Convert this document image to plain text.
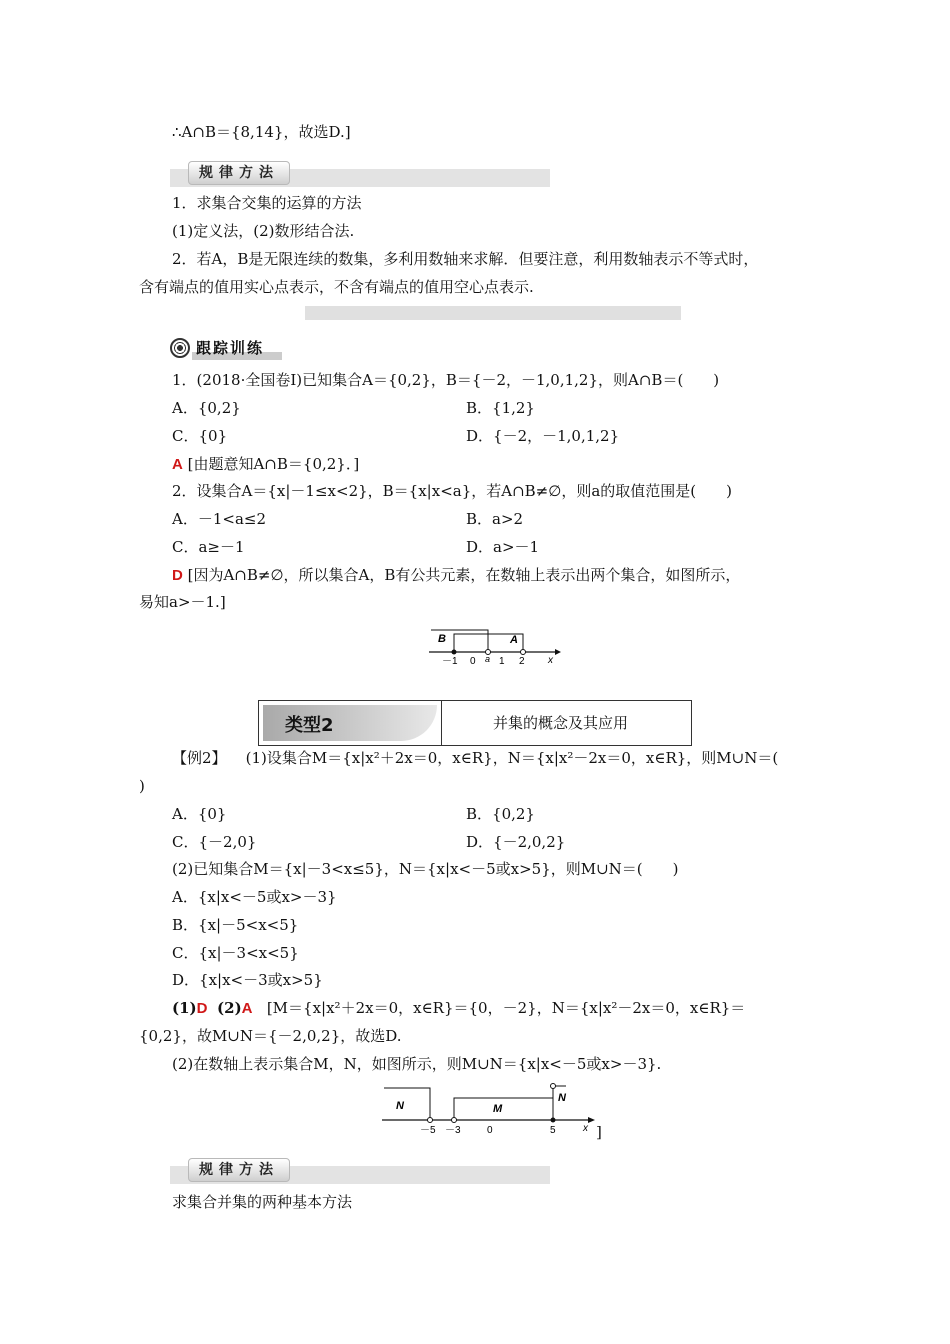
∴A∩B＝{8,14}，故选D.]
规律方法
1．求集合交集的运算的方法
(1)定义法，(2)数形结合法.
2．若A，B是无限连续的数集，多利用数轴来求解．但要注意，利用数轴表示不等式时，
含有端点的值用实心点表示，不含有端点的值用空心点表示.
跟踪训练
1．(2018·全国卷Ⅰ)已知集合A＝{0,2}，B＝{－2，－1,0,1,2}，则A∩B＝(　　)
A．{0,2}	B．{1,2}
C．{0}	D．{－2，－1,0,1,2}
A [由题意知A∩B＝{0,2}．]
2．设集合A＝{x|－1≤x<2}，B＝{x|x<a}，若A∩B≠∅，则a的取值范围是(　　)
A．－1<a≤2	B．a>2
C．a≥－1	D．a>－1
D [因为A∩B≠∅，所以集合A，B有公共元素，在数轴上表示出两个集合，如图所示，
易知a>－1.]
B	A
－1 0 a 1 2 x
类型2	并集的概念及其应用
【例2】 (1)设集合M＝{x|x²＋2x＝0，x∈R}，N＝{x|x²－2x＝0，x∈R}，则M∪N＝(
)
A．{0}	B．{0,2}
C．{－2,0}	D．{－2,0,2}
(2)已知集合M＝{x|－3<x≤5}，N＝{x|x<－5或x>5}，则M∪N＝(　　)
A．{x|x<－5或x>－3}
B．{x|－5<x<5}
C．{x|－3<x<5}
D．{x|x<－3或x>5}
(1)D (2)A [M＝{x|x²＋2x＝0，x∈R}＝{0，－2}，N＝{x|x²－2x＝0，x∈R}＝
{0,2}，故M∪N＝{－2,0,2}，故选D.
(2)在数轴上表示集合M，N，如图所示，则M∪N＝{x|x<－5或x>－3}.
N	M
N
－5 －3	0	5	x ]
规律方法
求集合并集的两种基本方法
